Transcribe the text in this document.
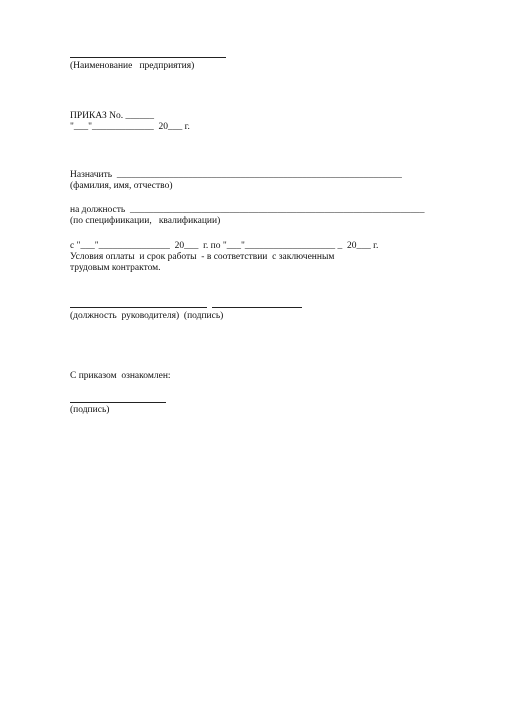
(Наименование   предприятия)
ПРИКАЗ No. ______
"___"_____________  20___ г.
Назначить  ____________________________________________________________
(фамилия, имя, отчество)
на должность  ______________________________________________________________
(по специфиикации,   квалификации)
с "___"_______________  20___  г. по "___"___________________ _  20___ г.
Условия оплаты  и срок работы  - в соответствии  с заключенным
трудовым контрактом.
(должность  руководителя)  (подпись)
С приказом  ознакомлен:
(подпись)
